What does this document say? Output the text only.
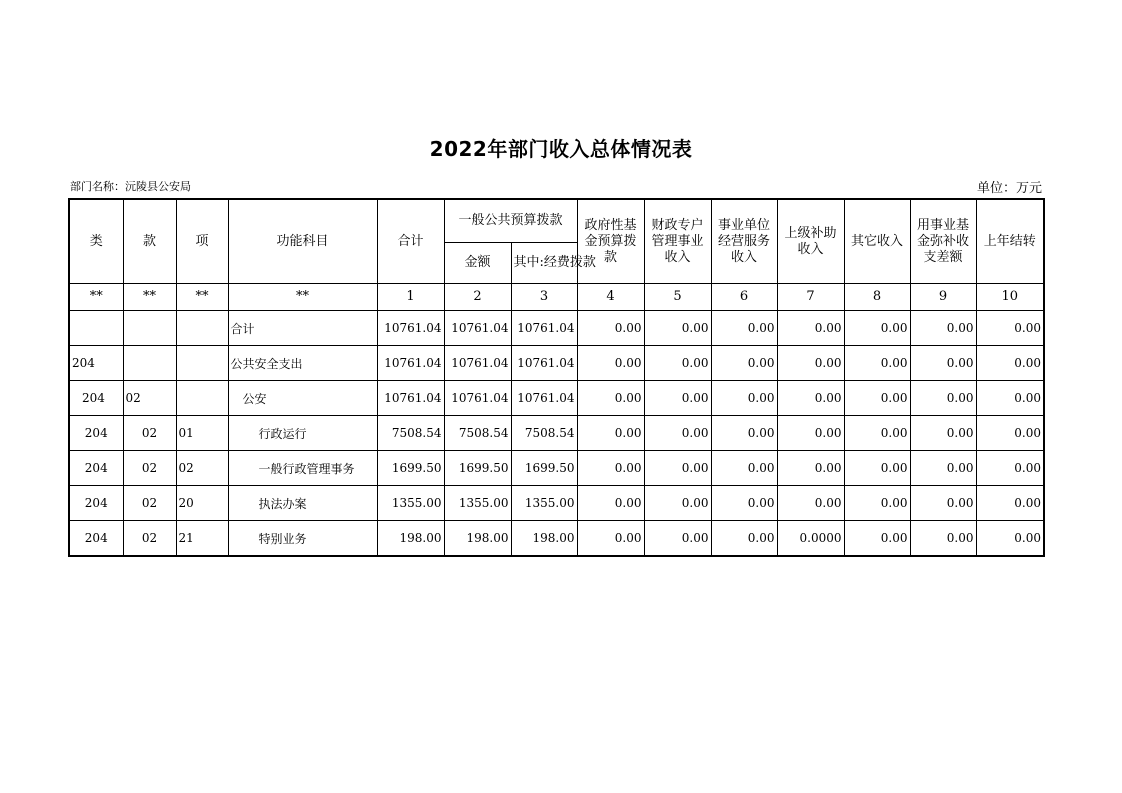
2022年部门收入总体情况表
部门名称：沅陵县公安局	单位：万元
类	款	项	功能科目	合计	一般公共预算拨款		政府性基金预算拨款	财政专户管理事业收入	事业单位经营服务收入	上级补助收入	其它收入	用事业基金弥补收支差额	上年结转
					金额	其中:经费拨款							
**	**	**	**	1	2	3	4	5	6	7	8	9	10
			合计	10761.04	10761.04	10761.04	0.00	0.00	0.00	0.00	0.00	0.00	0.00
204			公共安全支出	10761.04	10761.04	10761.04	0.00	0.00	0.00	0.00	0.00	0.00	0.00
204	02		公安	10761.04	10761.04	10761.04	0.00	0.00	0.00	0.00	0.00	0.00	0.00
204	02	01	行政运行	7508.54	7508.54	7508.54	0.00	0.00	0.00	0.00	0.00	0.00	0.00
204	02	02	一般行政管理事务	1699.50	1699.50	1699.50	0.00	0.00	0.00	0.00	0.00	0.00	0.00
204	02	20	执法办案	1355.00	1355.00	1355.00	0.00	0.00	0.00	0.00	0.00	0.00	0.00
204	02	21	特别业务	198.00	198.00	198.00	0.00	0.00	0.00	0.0000	0.00	0.00	0.00
